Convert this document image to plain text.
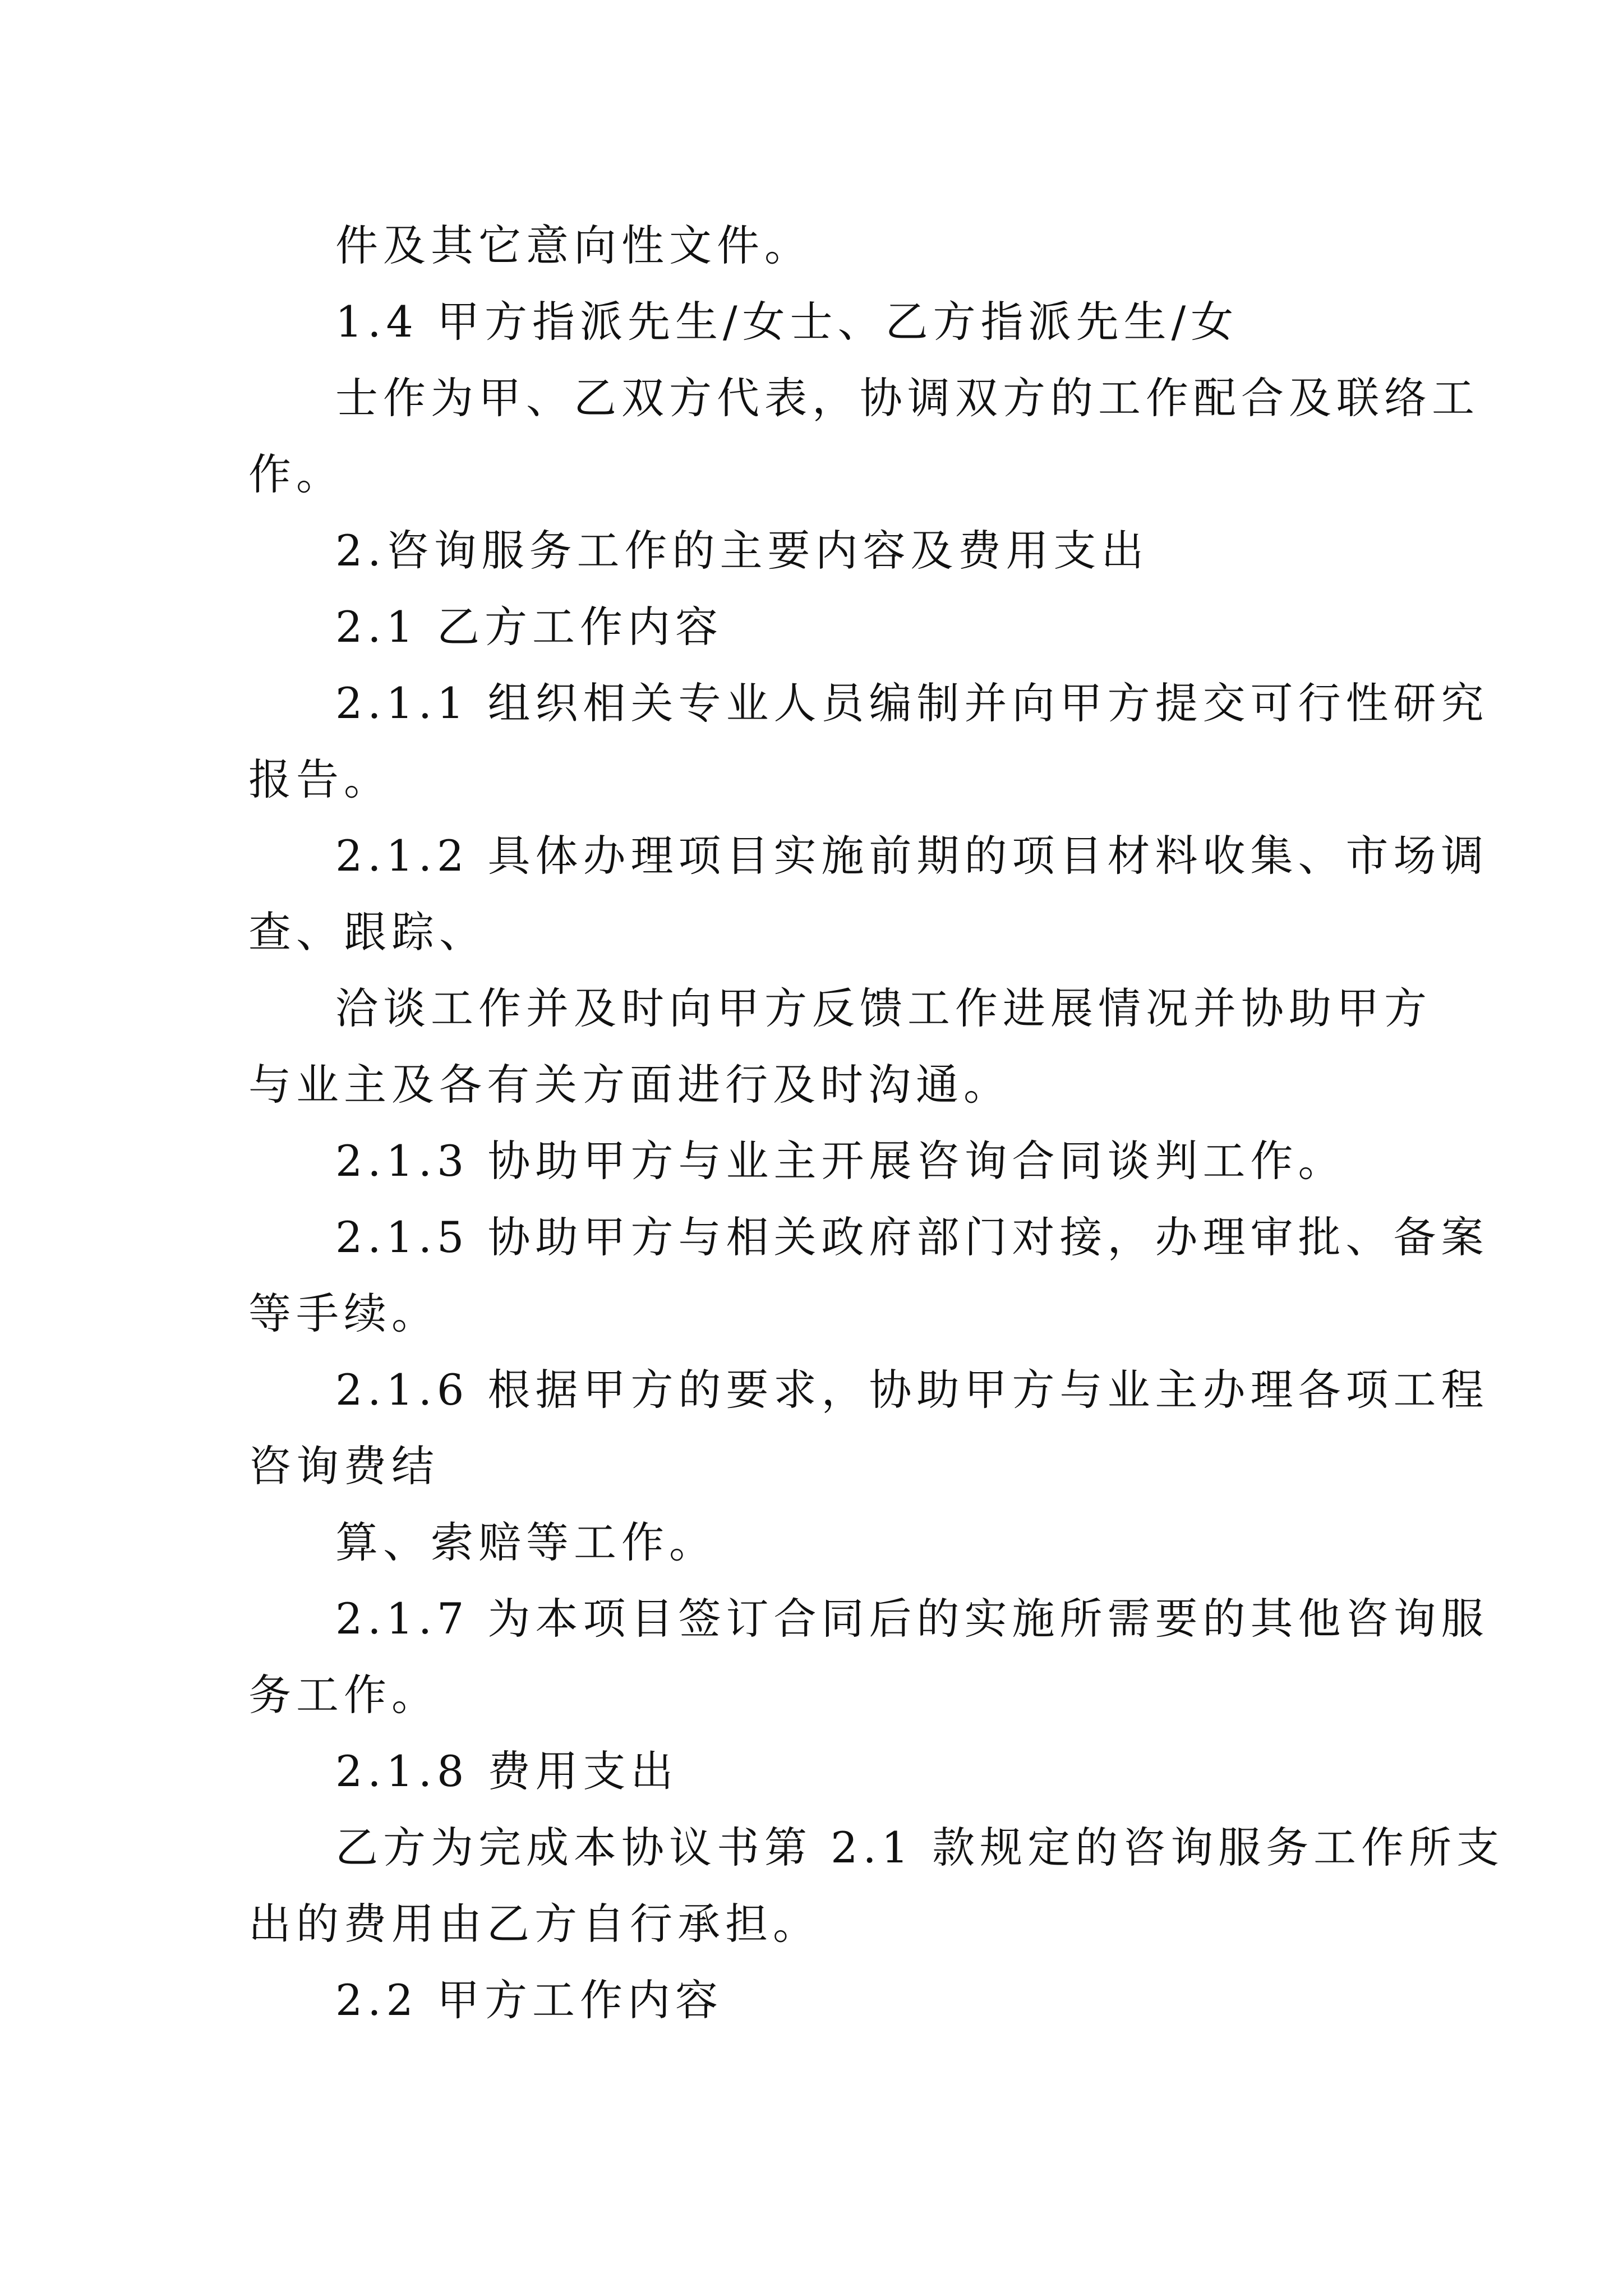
件及其它意向性文件。

1.4 甲方指派先生/女士、乙方指派先生/女

士作为甲、乙双方代表，协调双方的工作配合及联络工

作。

2.咨询服务工作的主要内容及费用支出

2.1 乙方工作内容

2.1.1 组织相关专业人员编制并向甲方提交可行性研究

报告。

2.1.2 具体办理项目实施前期的项目材料收集、市场调

查、跟踪、

洽谈工作并及时向甲方反馈工作进展情况并协助甲方

与业主及各有关方面进行及时沟通。

2.1.3 协助甲方与业主开展咨询合同谈判工作。

2.1.5 协助甲方与相关政府部门对接，办理审批、备案

等手续。

2.1.6 根据甲方的要求，协助甲方与业主办理各项工程

咨询费结

算、索赔等工作。

2.1.7 为本项目签订合同后的实施所需要的其他咨询服

务工作。

2.1.8 费用支出

乙方为完成本协议书第 2.1 款规定的咨询服务工作所支

出的费用由乙方自行承担。

2.2 甲方工作内容
